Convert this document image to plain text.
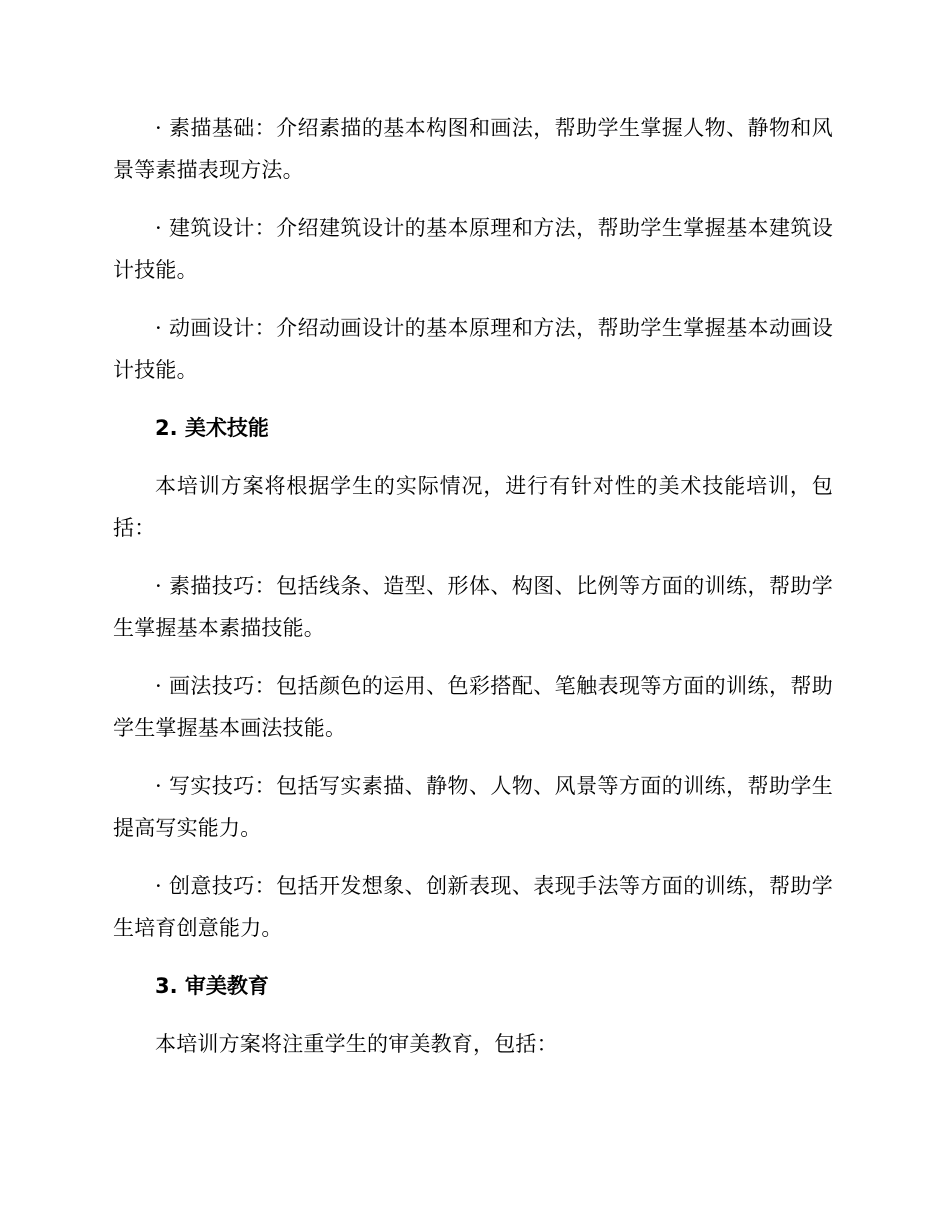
· 素描基础：介绍素描的基本构图和画法，帮助学生掌握人物、静物和风景等素描表现方法。

· 建筑设计：介绍建筑设计的基本原理和方法，帮助学生掌握基本建筑设计技能。

· 动画设计：介绍动画设计的基本原理和方法，帮助学生掌握基本动画设计技能。

2. 美术技能

本培训方案将根据学生的实际情况，进行有针对性的美术技能培训，包括：

· 素描技巧：包括线条、造型、形体、构图、比例等方面的训练，帮助学生掌握基本素描技能。

· 画法技巧：包括颜色的运用、色彩搭配、笔触表现等方面的训练，帮助学生掌握基本画法技能。

· 写实技巧：包括写实素描、静物、人物、风景等方面的训练，帮助学生提高写实能力。

· 创意技巧：包括开发想象、创新表现、表现手法等方面的训练，帮助学生培育创意能力。

3. 审美教育

本培训方案将注重学生的审美教育，包括：
